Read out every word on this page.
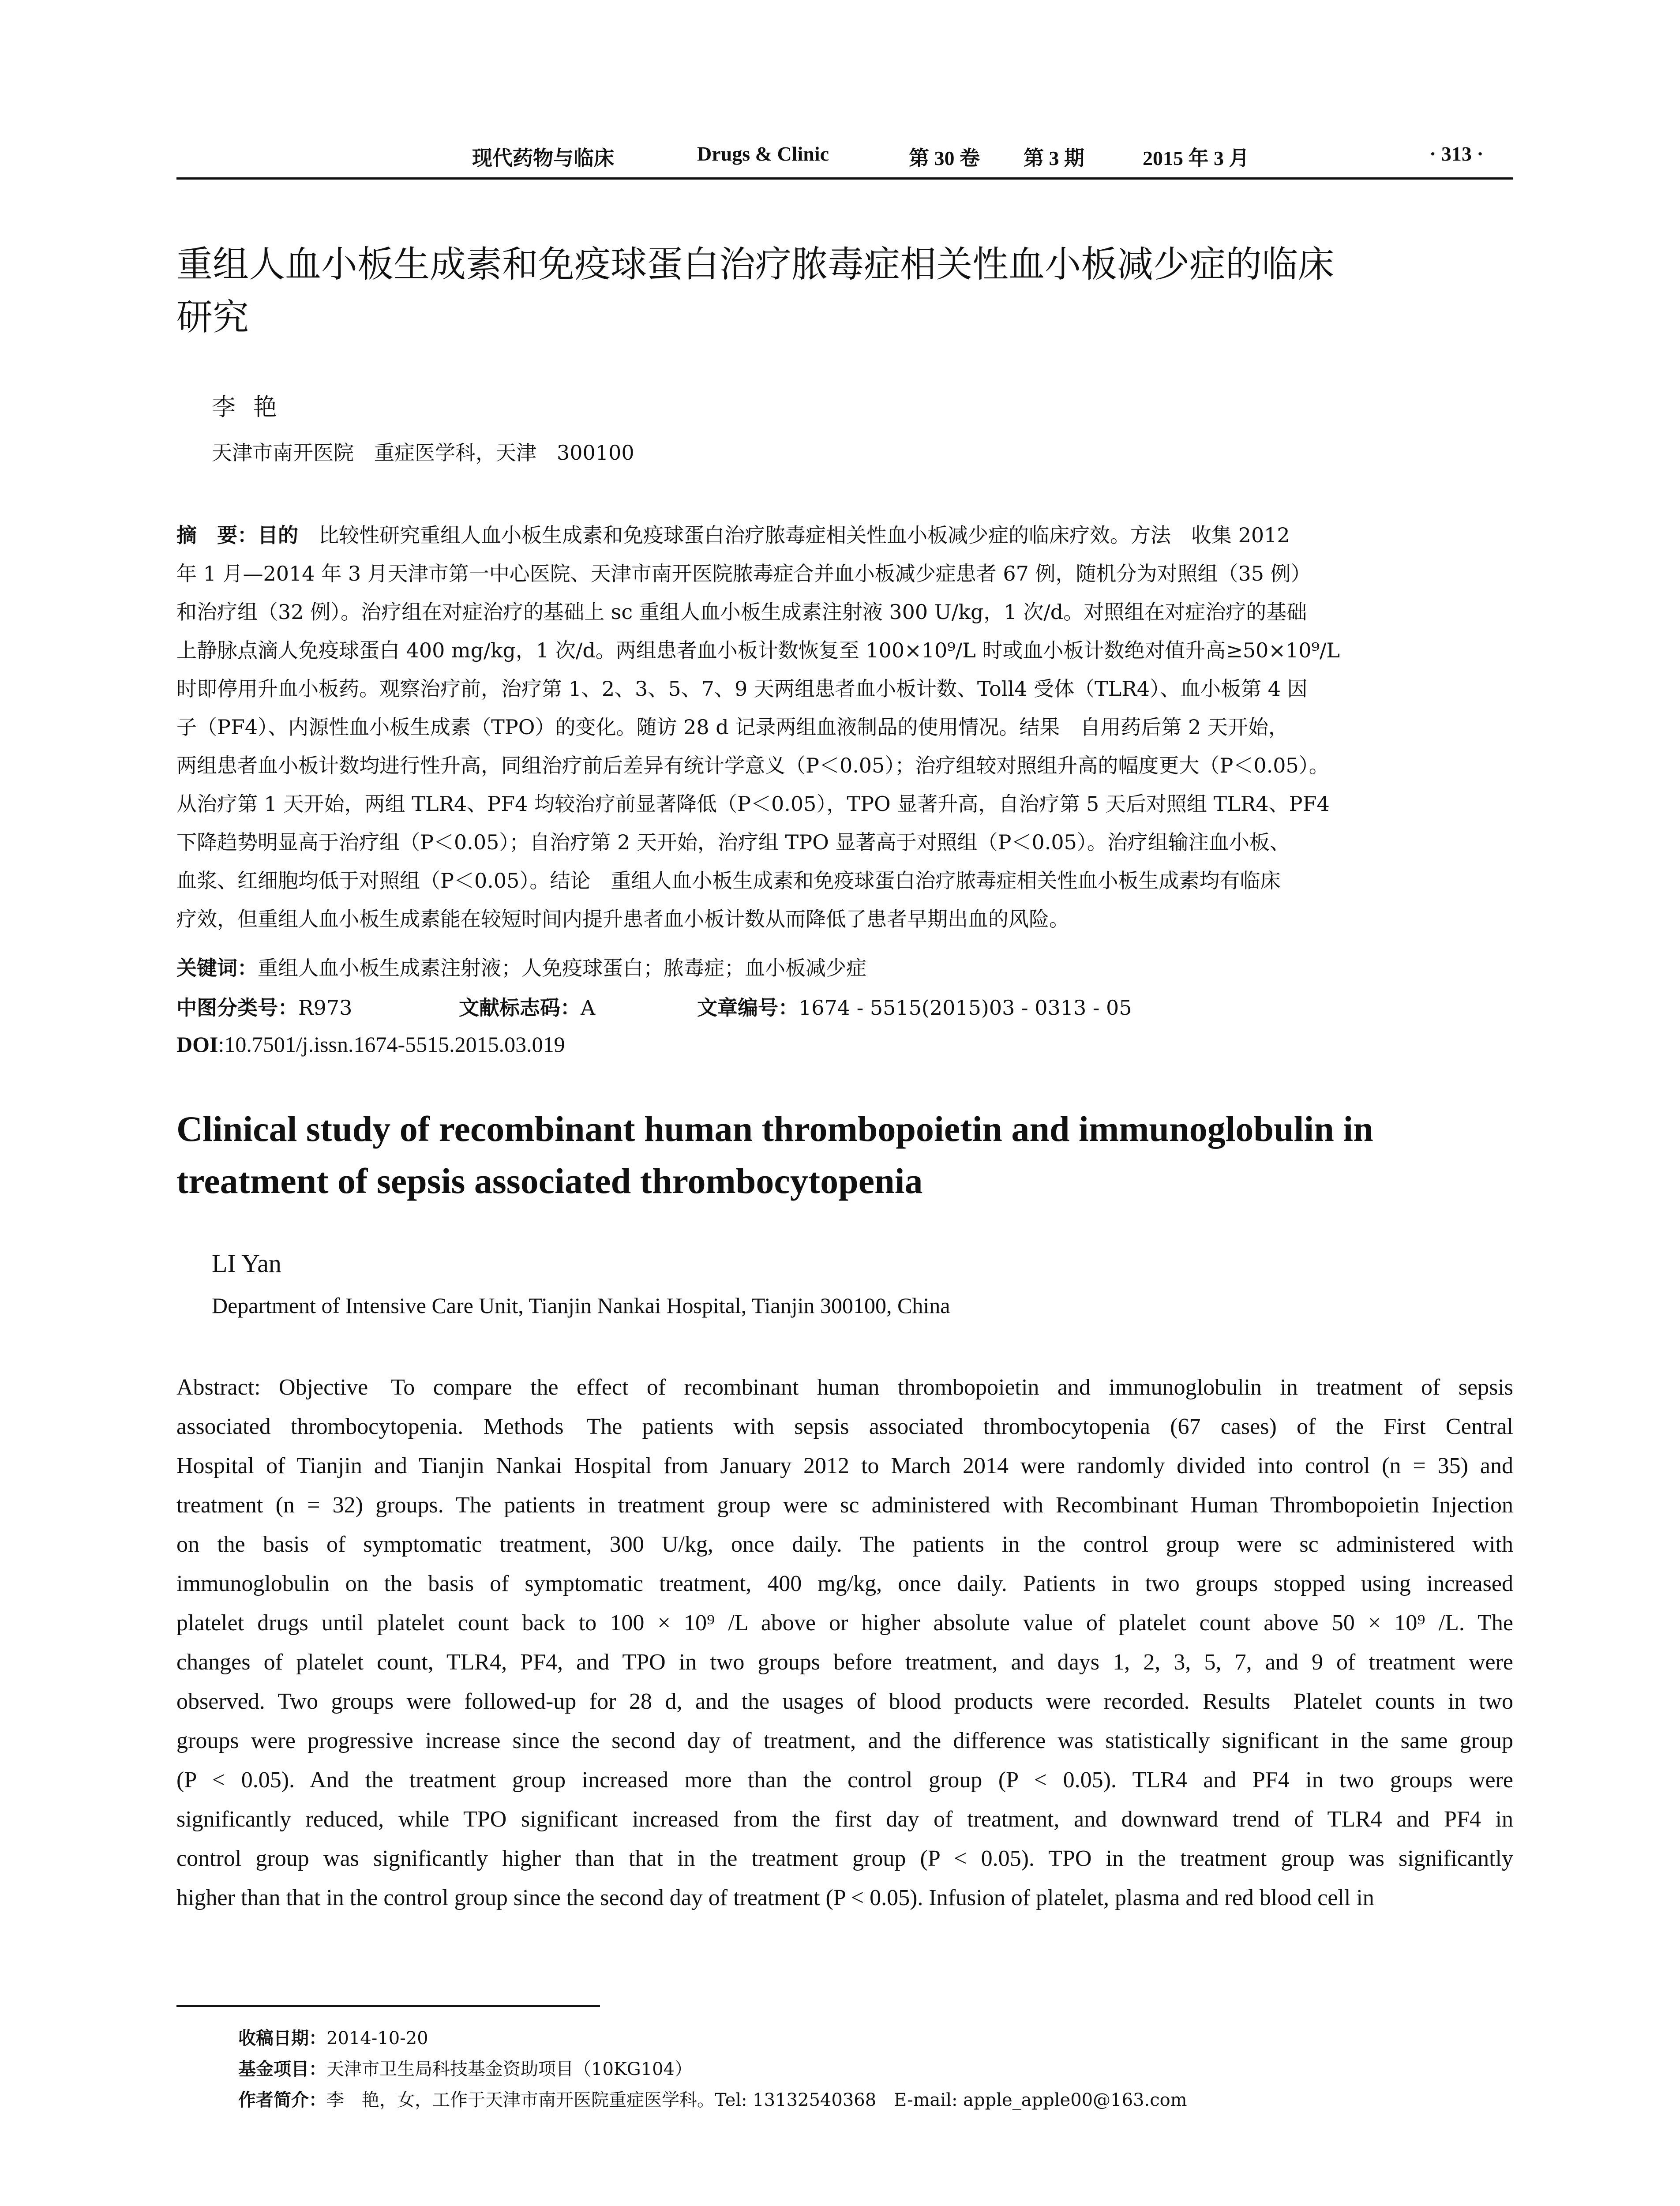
现代药物与临床	Drugs & Clinic	第 30 卷 第 3 期	2015 年 3 月	· 313 ·
重组人血小板生成素和免疫球蛋白治疗脓毒症相关性血小板减少症的临床
研究
李艳
天津市南开医院　重症医学科，天津　300100
摘　要：目的　比较性研究重组人血小板生成素和免疫球蛋白治疗脓毒症相关性血小板减少症的临床疗效。方法　收集 2012
年 1 月—2014 年 3 月天津市第一中心医院、天津市南开医院脓毒症合并血小板减少症患者 67 例，随机分为对照组（35 例）
和治疗组（32 例）。治疗组在对症治疗的基础上 sc 重组人血小板生成素注射液 300 U/kg，1 次/d。对照组在对症治疗的基础
上静脉点滴人免疫球蛋白 400 mg/kg，1 次/d。两组患者血小板计数恢复至 100×10⁹/L 时或血小板计数绝对值升高≥50×10⁹/L
时即停用升血小板药。观察治疗前，治疗第 1、2、3、5、7、9 天两组患者血小板计数、Toll4 受体（TLR4）、血小板第 4 因
子（PF4）、内源性血小板生成素（TPO）的变化。随访 28 d 记录两组血液制品的使用情况。结果　自用药后第 2 天开始，
两组患者血小板计数均进行性升高，同组治疗前后差异有统计学意义（P＜0.05）；治疗组较对照组升高的幅度更大（P＜0.05）。
从治疗第 1 天开始，两组 TLR4、PF4 均较治疗前显著降低（P＜0.05），TPO 显著升高，自治疗第 5 天后对照组 TLR4、PF4
下降趋势明显高于治疗组（P＜0.05）；自治疗第 2 天开始，治疗组 TPO 显著高于对照组（P＜0.05）。治疗组输注血小板、
血浆、红细胞均低于对照组（P＜0.05）。结论　重组人血小板生成素和免疫球蛋白治疗脓毒症相关性血小板生成素均有临床
疗效，但重组人血小板生成素能在较短时间内提升患者血小板计数从而降低了患者早期出血的风险。
关键词：重组人血小板生成素注射液；人免疫球蛋白；脓毒症；血小板减少症
中图分类号：R973	文献标志码：A	文章编号：1674 - 5515(2015)03 - 0313 - 05
DOI:10.7501/j.issn.1674-5515.2015.03.019
Clinical study of recombinant human thrombopoietin and immunoglobulin in
treatment of sepsis associated thrombocytopenia
LI Yan
Department of Intensive Care Unit, Tianjin Nankai Hospital, Tianjin 300100, China
Abstract: Objective To compare the effect of recombinant human thrombopoietin and immunoglobulin in treatment of sepsis
associated thrombocytopenia. Methods The patients with sepsis associated thrombocytopenia (67 cases) of the First Central
Hospital of Tianjin and Tianjin Nankai Hospital from January 2012 to March 2014 were randomly divided into control (n = 35) and
treatment (n = 32) groups. The patients in treatment group were sc administered with Recombinant Human Thrombopoietin Injection
on the basis of symptomatic treatment, 300 U/kg, once daily. The patients in the control group were sc administered with
immunoglobulin on the basis of symptomatic treatment, 400 mg/kg, once daily. Patients in two groups stopped using increased
platelet drugs until platelet count back to 100 × 10⁹ /L above or higher absolute value of platelet count above 50 × 10⁹ /L. The
changes of platelet count, TLR4, PF4, and TPO in two groups before treatment, and days 1, 2, 3, 5, 7, and 9 of treatment were
observed. Two groups were followed-up for 28 d, and the usages of blood products were recorded. Results Platelet counts in two
groups were progressive increase since the second day of treatment, and the difference was statistically significant in the same group
(P < 0.05). And the treatment group increased more than the control group (P < 0.05). TLR4 and PF4 in two groups were
significantly reduced, while TPO significant increased from the first day of treatment, and downward trend of TLR4 and PF4 in
control group was significantly higher than that in the treatment group (P < 0.05). TPO in the treatment group was significantly
higher than that in the control group since the second day of treatment (P < 0.05). Infusion of platelet, plasma and red blood cell in
收稿日期：2014-10-20
基金项目：天津市卫生局科技基金资助项目（10KG104）
作者简介：李　艳，女，工作于天津市南开医院重症医学科。Tel: 13132540368　E-mail: apple_apple00@163.com
